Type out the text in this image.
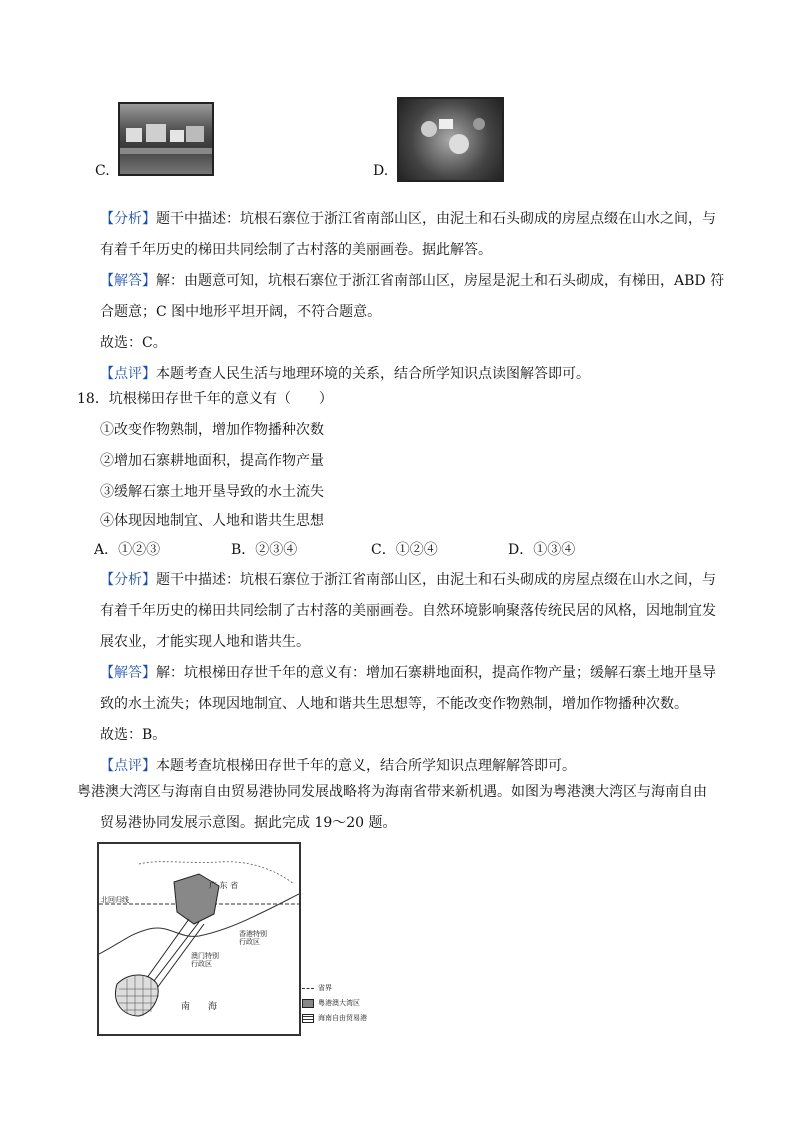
C.	D.
【分析】题干中描述：坑根石寨位于浙江省南部山区，由泥土和石头砌成的房屋点缀在山水之间，与
有着千年历史的梯田共同绘制了古村落的美丽画卷。据此解答。
【解答】解：由题意可知，坑根石寨位于浙江省南部山区，房屋是泥土和石头砌成，有梯田，ABD 符
合题意；C 图中地形平坦开阔，不符合题意。
故选：C。
【点评】本题考查人民生活与地理环境的关系，结合所学知识点读图解答即可。
18．坑根梯田存世千年的意义有（　　）
①改变作物熟制，增加作物播种次数
②增加石寨耕地面积，提高作物产量
③缓解石寨土地开垦导致的水土流失
④体现因地制宜、人地和谐共生思想
A．①②③	B．②③④	C．①②④	D．①③④
【分析】题干中描述：坑根石寨位于浙江省南部山区，由泥土和石头砌成的房屋点缀在山水之间，与
有着千年历史的梯田共同绘制了古村落的美丽画卷。自然环境影响聚落传统民居的风格，因地制宜发
展农业，才能实现人地和谐共生。
【解答】解：坑根梯田存世千年的意义有：增加石寨耕地面积，提高作物产量；缓解石寨土地开垦导
致的水土流失；体现因地制宜、人地和谐共生思想等，不能改变作物熟制，增加作物播种次数。
故选：B。
【点评】本题考查坑根梯田存世千年的意义，结合所学知识点理解解答即可。
粤港澳大湾区与海南自由贸易港协同发展战略将为海南省带来新机遇。如图为粤港澳大湾区与海南自由
贸易港协同发展示意图。据此完成 19～20 题。
广 东 省
北回归线
香港特别行政区
澳门特别行政区
南　　海
省界
粤港澳大湾区
海南自由贸易港
